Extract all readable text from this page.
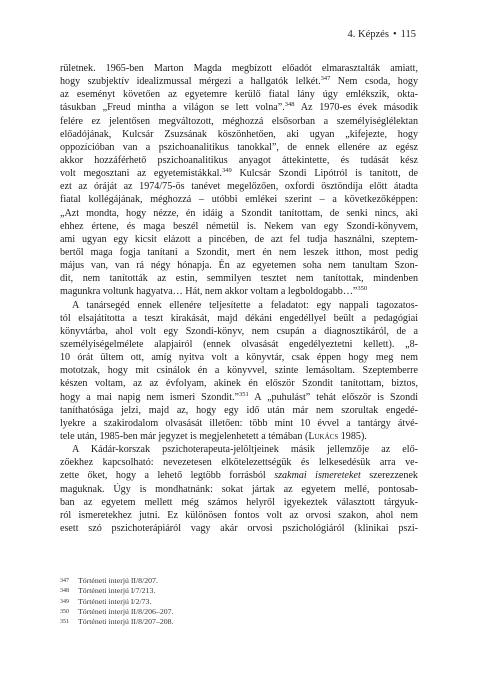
4. Képzés • 115
rületnek. 1965-ben Marton Magda megbízott előadót elmarasztalták amiatt,
hogy szubjektív idealizmussal mérgezi a hallgatók lelkét.$^{347}$ Nem csoda, hogy
az eseményt követően az egyetemre kerülő fiatal lány úgy emlékszik, okta-
tásukban „Freud mintha a világon se lett volna”.$^{348}$ Az 1970-es évek második
felére ez jelentősen megváltozott, méghozzá elsősorban a személyiséglélektan
előadójának, Kulcsár Zsuzsának köszönhetően, aki ugyan „kifejezte, hogy
oppozícióban van a pszichoanalitikus tanokkal”, de ennek ellenére az egész
akkor hozzáférhető pszichoanalitikus anyagot áttekintette, és tudását kész
volt megosztani az egyetemistákkal.$^{349}$ Kulcsár Szondi Lipótról is tanított, de
ezt az óráját az 1974/75-ös tanévet megelőzően, oxfordi ösztöndíja előtt átadta
fiatal kollégájának, méghozzá – utóbbi emlékei szerint – a következőképpen:
„Azt mondta, hogy nézze, én idáig a Szondit tanítottam, de senki nincs, aki
ehhez értene, és maga beszél németül is. Nekem van egy Szondi-könyvem,
ami ugyan egy kicsit elázott a pincében, de azt fel tudja használni, szeptem-
bertől maga fogja tanítani a Szondit, mert én nem leszek itthon, most pedig
május van, van rá négy hónapja. Én az egyetemen soha nem tanultam Szon-
dit, nem tanították az estin, semmilyen tesztet nem tanítottak, mindenben
magunkra voltunk hagyatva… Hát, nem akkor voltam a legboldogabb…”$^{350}$
A tanársegéd ennek ellenére teljesítette a feladatot: egy nappali tagozatos-
tól elsajátította a teszt kirakását, majd dékáni engedéllyel beült a pedagógiai
könyvtárba, ahol volt egy Szondi-könyv, nem csupán a diagnosztikáról, de a
személyiségelmélete alapjairól (ennek olvasását engedélyeztetni kellett). „8-
10 órát ültem ott, amíg nyitva volt a könyvtár, csak éppen hogy meg nem
mototzak, hogy mit csinálok én a könyvvel, szinte lemásoltam. Szeptemberre
készen voltam, az az évfolyam, akinek én először Szondit tanítottam, biztos,
hogy a mai napig nem ismeri Szondit.”$^{351}$ A „puhulást” tehát először is Szondi
taníthatósága jelzi, majd az, hogy egy idő után már nem szorultak engedé-
lyekre a szakirodalom olvasását illetően: több mint 10 évvel a tantárgy átvé-
tele után, 1985-ben már jegyzet is megjelenhetett a témában (Lukács 1985).
A Kádár-korszak pszichoterapeuta-jelöltjeinek másik jellemzője az elő-
zőekhez kapcsolható: nevezetesen elkötelezettségük és lelkesedésük arra ve-
zette őket, hogy a lehető legtöbb forrásból szakmai ismereteket szerezzenek
maguknak. Úgy is mondhatnánk: sokat jártak az egyetem mellé, pontosab-
ban az egyetem mellett még számos helyről igyekeztek választott tárgyuk-
ról ismeretekhez jutni. Ez különösen fontos volt az orvosi szakon, ahol nem
esett szó pszichoterápiáról vagy akár orvosi pszichológiáról (klinikai pszi-
347 Történeti interjú II/8/207.
348 Történeti interjú I/7/213.
349 Történeti interjú I/2/73.
350 Történeti interjú II/8/206–207.
351 Történeti interjú II/8/207–208.
